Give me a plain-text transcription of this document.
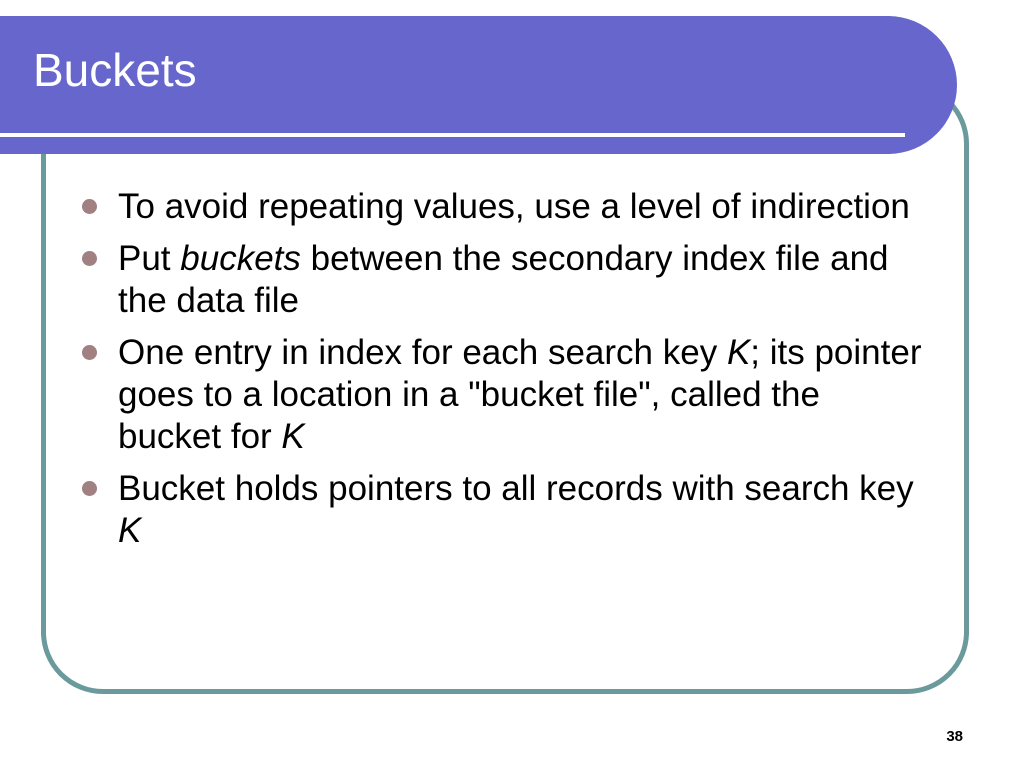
Buckets
To avoid repeating values, use a level of indirection
Put buckets between the secondary index file and the data file
One entry in index for each search key K; its pointer goes to a location in a "bucket file", called the bucket for K
Bucket holds pointers to all records with search key K
38
